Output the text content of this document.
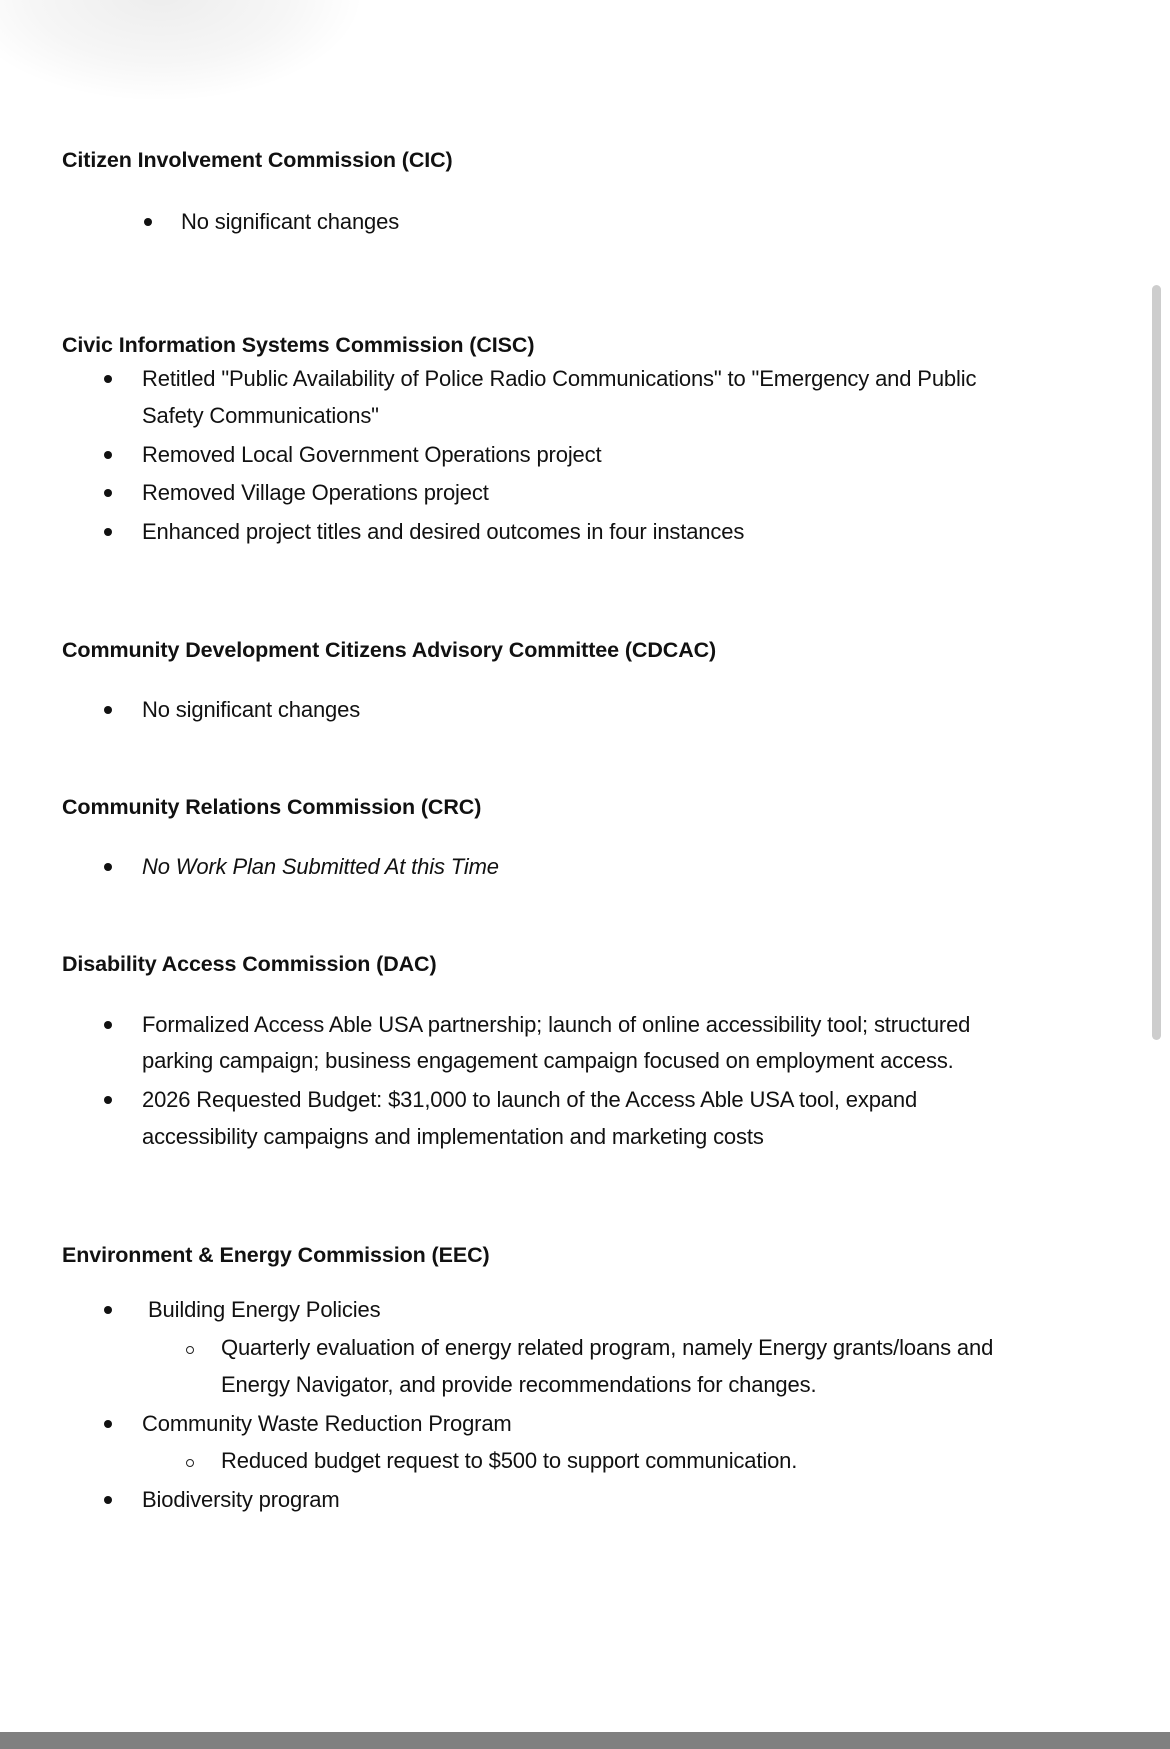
Citizen Involvement Commission (CIC)
No significant changes
Civic Information Systems Commission (CISC)
Retitled "Public Availability of Police Radio Communications" to "Emergency and Public
Safety Communications"
Removed Local Government Operations project
Removed Village Operations project
Enhanced project titles and desired outcomes in four instances
Community Development Citizens Advisory Committee (CDCAC)
No significant changes
Community Relations Commission (CRC)
No Work Plan Submitted At this Time
Disability Access Commission (DAC)
Formalized Access Able USA partnership; launch of online accessibility tool; structured
parking campaign; business engagement campaign focused on employment access.
2026 Requested Budget: $31,000 to launch of the Access Able USA tool, expand
accessibility campaigns and implementation and marketing costs
Environment & Energy Commission (EEC)
Building Energy Policies
Quarterly evaluation of energy related program, namely Energy grants/loans and
Energy Navigator, and provide recommendations for changes.
Community Waste Reduction Program
Reduced budget request to $500 to support communication.
Biodiversity program
